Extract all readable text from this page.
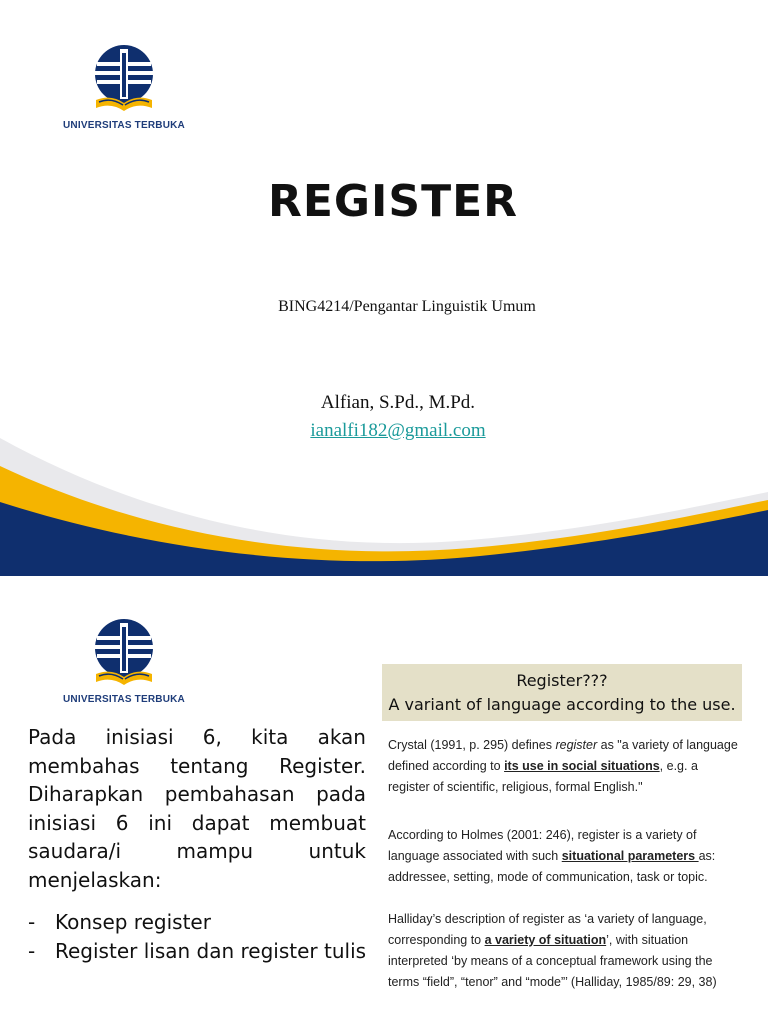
UNIVERSITAS TERBUKA
REGISTER
BING4214/Pengantar Linguistik Umum
Alfian, S.Pd., M.Pd.
ianalfi182@gmail.com
UNIVERSITAS TERBUKA

Pada inisiasi 6, kita akan membahas tentang Register.

Diharapkan pembahasan pada inisiasi 6 ini dapat membuat saudara/i mampu untuk menjelaskan:

- Konsep register
- Register lisan dan register tulis
Register???
A variant of language according to the use.
Crystal (1991, p. 295) defines register as "a variety of language defined according to its use in social situations, e.g. a register of scientific, religious, formal English."
According to Holmes (2001: 246), register is a variety of language associated with such situational parameters as: addressee, setting, mode of communication, task or topic.
Halliday’s description of register as ‘a variety of language, corresponding to a variety of situation’, with situation interpreted ‘by means of a conceptual framework using the terms “field”, “tenor” and “mode”’ (Halliday, 1985/89: 29, 38)
